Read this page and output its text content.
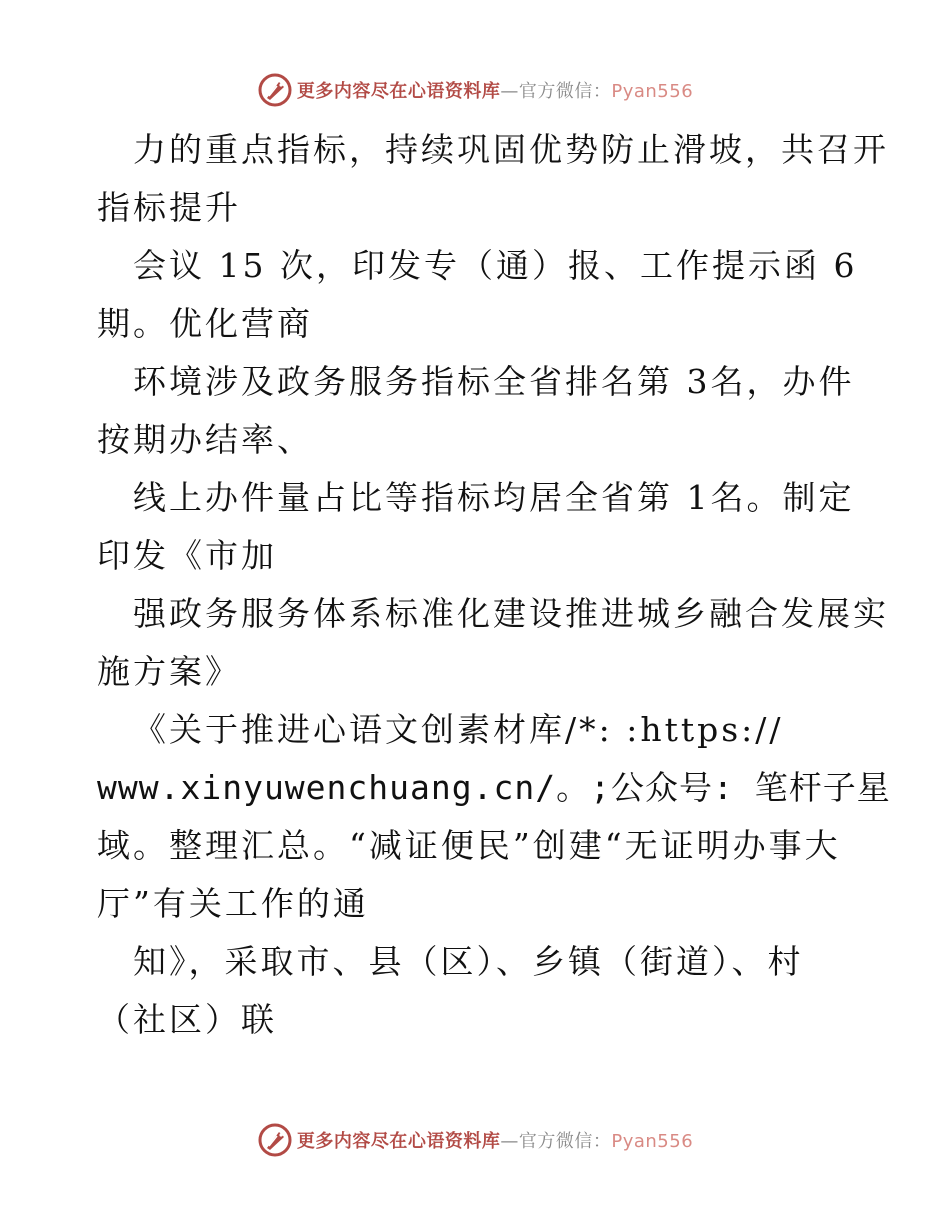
更多内容尽在心语资料库—官方微信：Pyan556
力的重点指标，持续巩固优势防止滑坡，共召开
指标提升
会议 15 次，印发专（通）报、工作提示函 6
期。优化营商
环境涉及政务服务指标全省排名第 3名，办件
按期办结率、
线上办件量占比等指标均居全省第 1名。制定
印发《市加
强政务服务体系标准化建设推进城乡融合发展实
施方案》
《关于推进心语文创素材库/*: :https://
www.xinyuwenchuang.cn/。;公众号: 笔杆子星
域。整理汇总。“减证便民”创建“无证明办事大
厅”有关工作的通
知》，采取市、县（区）、乡镇（街道）、村
（社区）联
更多内容尽在心语资料库—官方微信：Pyan556
